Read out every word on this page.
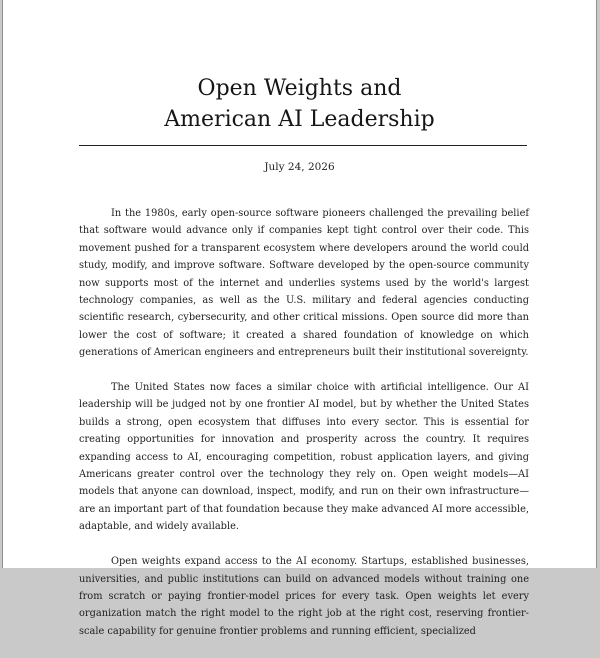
Open Weights and
American AI Leadership
July 24, 2026

In the 1980s, early open-source software pioneers challenged the prevailing belief that software would advance only if companies kept tight control over their code. This movement pushed for a transparent ecosystem where developers around the world could study, modify, and improve software. Software developed by the open-source community now supports most of the internet and underlies systems used by the world's largest technology companies, as well as the U.S. military and federal agencies conducting scientific research, cybersecurity, and other critical missions. Open source did more than lower the cost of software; it created a shared foundation of knowledge on which generations of American engineers and entrepreneurs built their institutional sovereignty.

The United States now faces a similar choice with artificial intelligence. Our AI leadership will be judged not by one frontier AI model, but by whether the United States builds a strong, open ecosystem that diffuses into every sector. This is essential for creating opportunities for innovation and prosperity across the country. It requires expanding access to AI, encouraging competition, robust application layers, and giving Americans greater control over the technology they rely on. Open weight models—AI models that anyone can download, inspect, modify, and run on their own infrastructure—are an important part of that foundation because they make advanced AI more accessible, adaptable, and widely available.

Open weights expand access to the AI economy. Startups, established businesses, universities, and public institutions can build on advanced models without training one from scratch or paying frontier-model prices for every task. Open weights let every organization match the right model to the right job at the right cost, reserving frontier-scale capability for genuine frontier problems and running efficient, specialized
